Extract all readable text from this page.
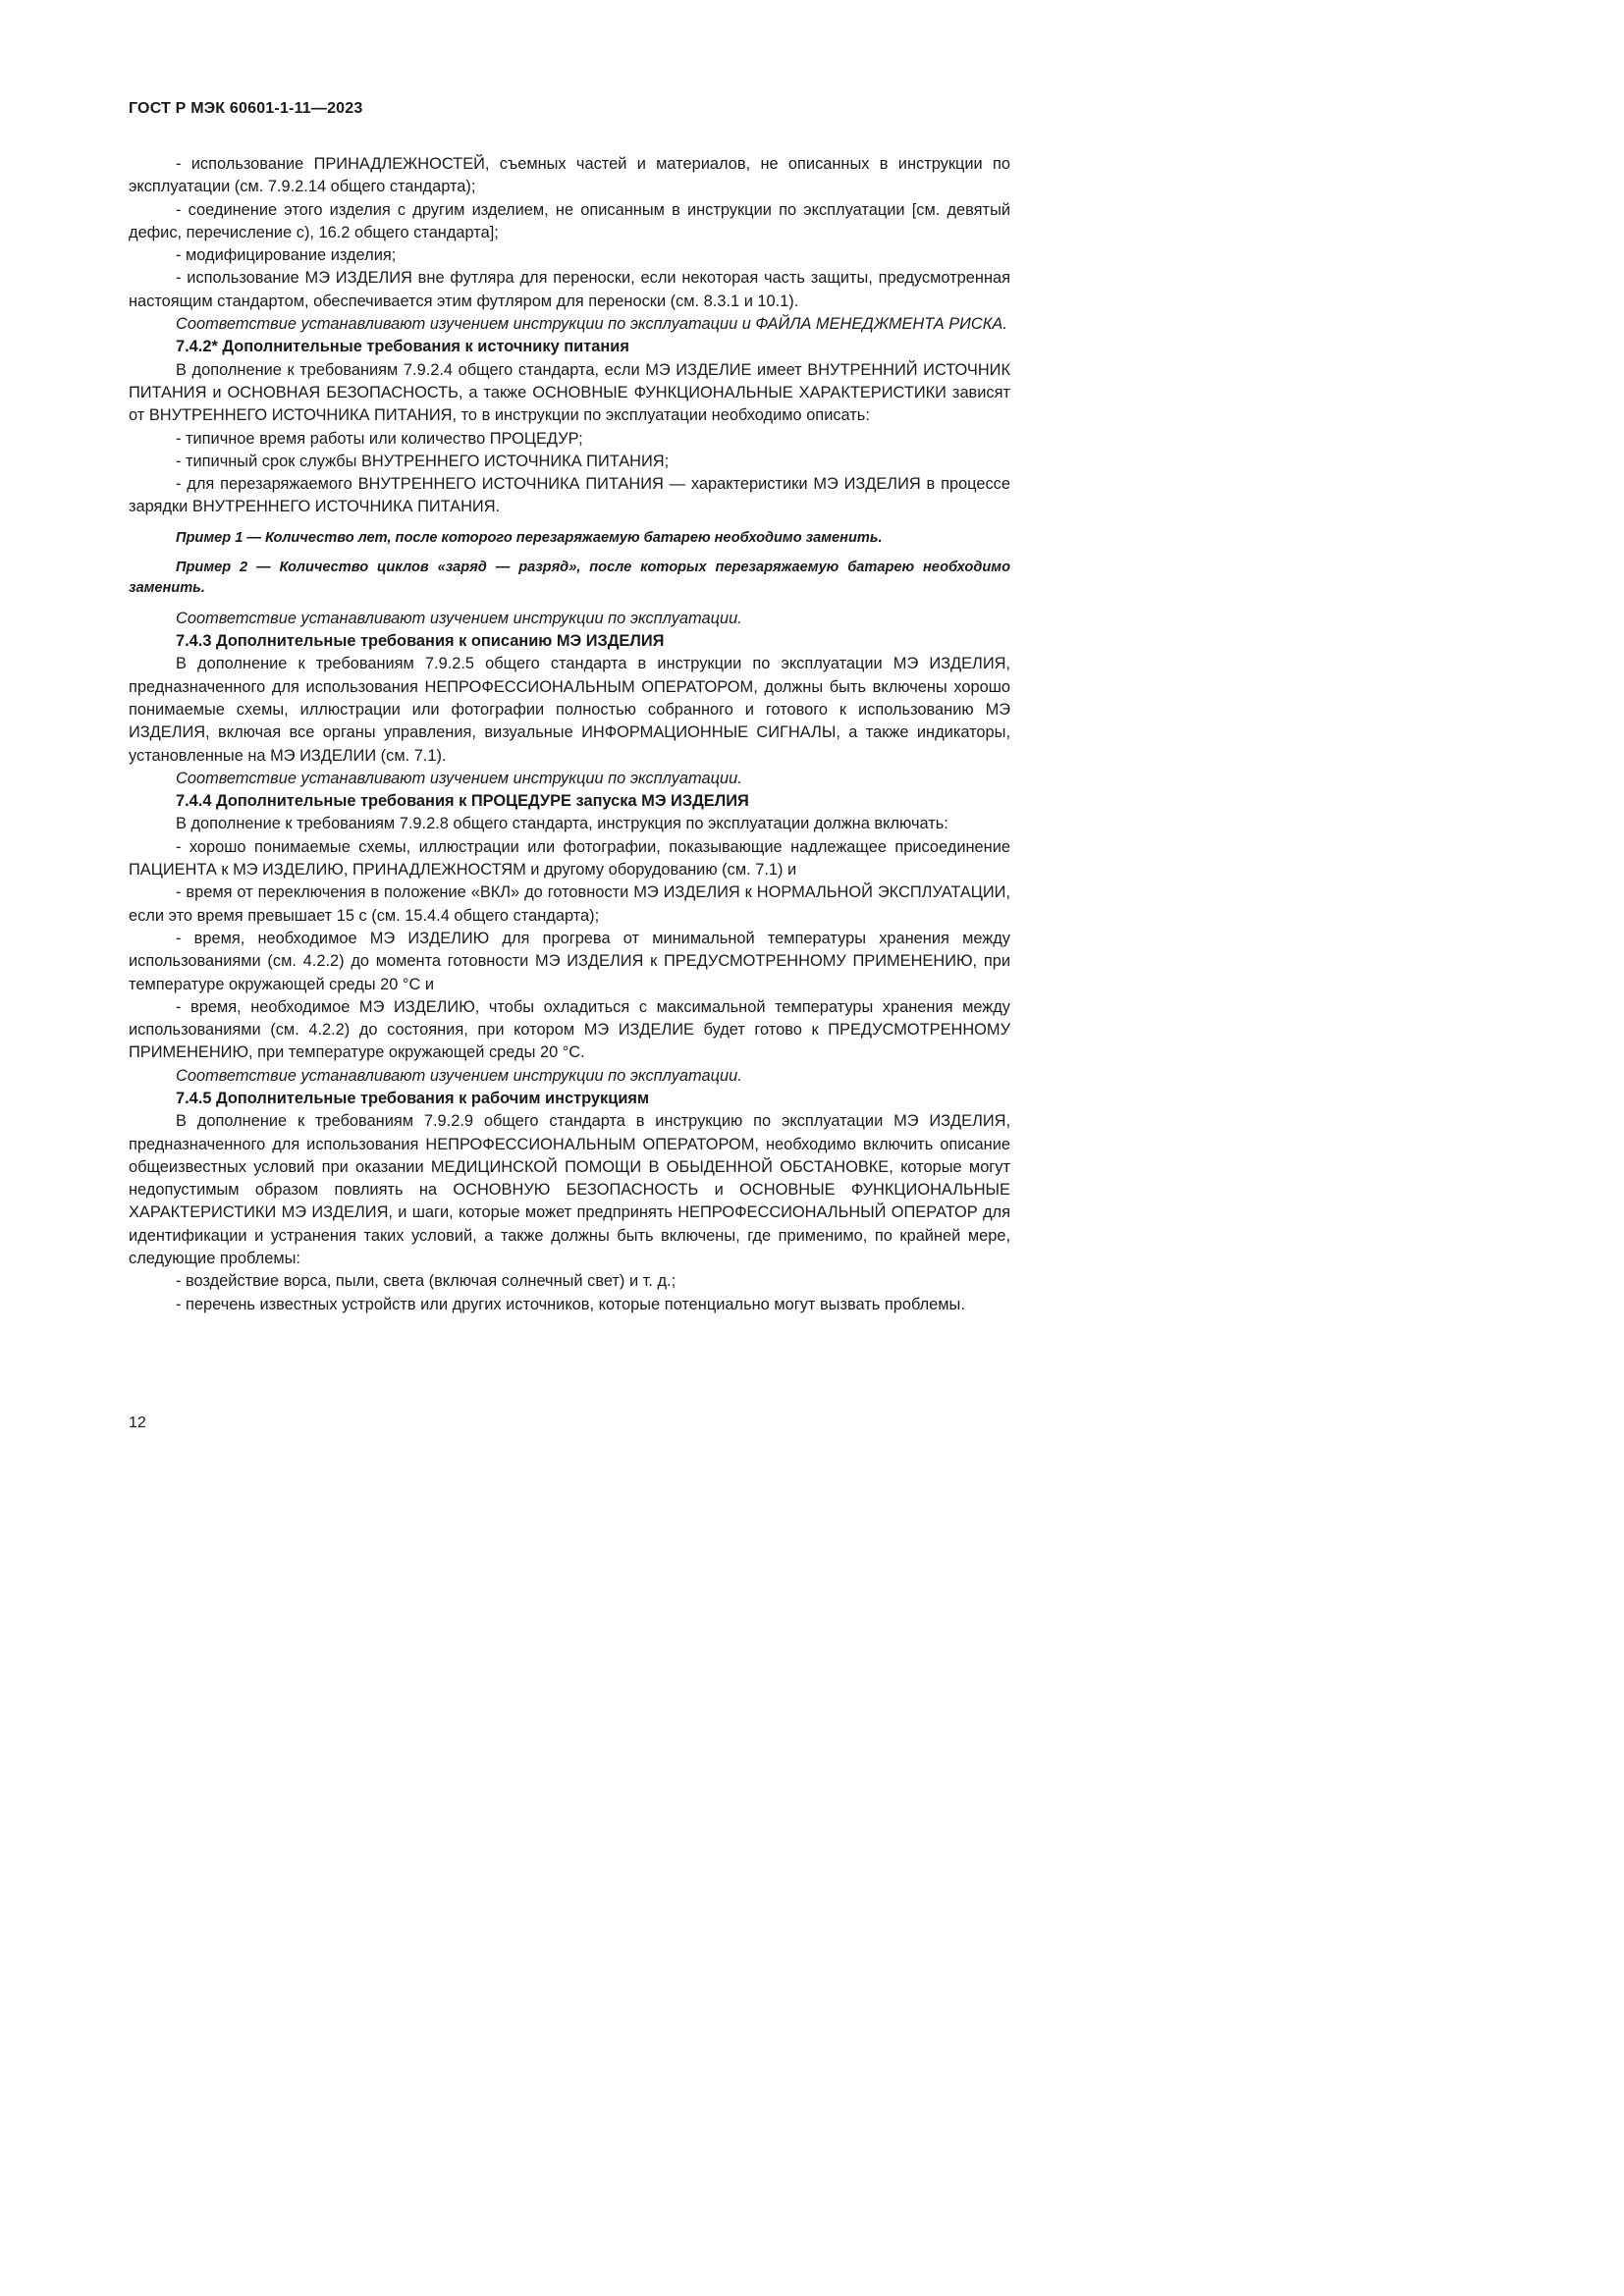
ГОСТ Р МЭК 60601-1-11—2023

- использование ПРИНАДЛЕЖНОСТЕЙ, съемных частей и материалов, не описанных в инструкции по эксплуатации (см. 7.9.2.14 общего стандарта);

- соединение этого изделия с другим изделием, не описанным в инструкции по эксплуатации [см. девятый дефис, перечисление с), 16.2 общего стандарта];

- модифицирование изделия;

- использование МЭ ИЗДЕЛИЯ вне футляра для переноски, если некоторая часть защиты, предусмотренная настоящим стандартом, обеспечивается этим футляром для переноски (см. 8.3.1 и 10.1).

Соответствие устанавливают изучением инструкции по эксплуатации и ФАЙЛА МЕНЕДЖМЕНТА РИСКА.

7.4.2* Дополнительные требования к источнику питания

В дополнение к требованиям 7.9.2.4 общего стандарта, если МЭ ИЗДЕЛИЕ имеет ВНУТРЕННИЙ ИСТОЧНИК ПИТАНИЯ и ОСНОВНАЯ БЕЗОПАСНОСТЬ, а также ОСНОВНЫЕ ФУНКЦИОНАЛЬНЫЕ ХАРАКТЕРИСТИКИ зависят от ВНУТРЕННЕГО ИСТОЧНИКА ПИТАНИЯ, то в инструкции по эксплуатации необходимо описать:

- типичное время работы или количество ПРОЦЕДУР;

- типичный срок службы ВНУТРЕННЕГО ИСТОЧНИКА ПИТАНИЯ;

- для перезаряжаемого ВНУТРЕННЕГО ИСТОЧНИКА ПИТАНИЯ — характеристики МЭ ИЗДЕЛИЯ в процессе зарядки ВНУТРЕННЕГО ИСТОЧНИКА ПИТАНИЯ.

Пример 1 — Количество лет, после которого перезаряжаемую батарею необходимо заменить.

Пример 2 — Количество циклов «заряд — разряд», после которых перезаряжаемую батарею необходимо заменить.

Соответствие устанавливают изучением инструкции по эксплуатации.

7.4.3 Дополнительные требования к описанию МЭ ИЗДЕЛИЯ

В дополнение к требованиям 7.9.2.5 общего стандарта в инструкции по эксплуатации МЭ ИЗДЕЛИЯ, предназначенного для использования НЕПРОФЕССИОНАЛЬНЫМ ОПЕРАТОРОМ, должны быть включены хорошо понимаемые схемы, иллюстрации или фотографии полностью собранного и готового к использованию МЭ ИЗДЕЛИЯ, включая все органы управления, визуальные ИНФОРМАЦИОННЫЕ СИГНАЛЫ, а также индикаторы, установленные на МЭ ИЗДЕЛИИ (см. 7.1).

Соответствие устанавливают изучением инструкции по эксплуатации.

7.4.4 Дополнительные требования к ПРОЦЕДУРЕ запуска МЭ ИЗДЕЛИЯ

В дополнение к требованиям 7.9.2.8 общего стандарта, инструкция по эксплуатации должна включать:

- хорошо понимаемые схемы, иллюстрации или фотографии, показывающие надлежащее присоединение ПАЦИЕНТА к МЭ ИЗДЕЛИЮ, ПРИНАДЛЕЖНОСТЯМ и другому оборудованию (см. 7.1) и

- время от переключения в положение «ВКЛ» до готовности МЭ ИЗДЕЛИЯ к НОРМАЛЬНОЙ ЭКСПЛУАТАЦИИ, если это время превышает 15 с (см. 15.4.4 общего стандарта);

- время, необходимое МЭ ИЗДЕЛИЮ для прогрева от минимальной температуры хранения между использованиями (см. 4.2.2) до момента готовности МЭ ИЗДЕЛИЯ к ПРЕДУСМОТРЕННОМУ ПРИМЕНЕНИЮ, при температуре окружающей среды 20 °С и

- время, необходимое МЭ ИЗДЕЛИЮ, чтобы охладиться с максимальной температуры хранения между использованиями (см. 4.2.2) до состояния, при котором МЭ ИЗДЕЛИЕ будет готово к ПРЕДУСМОТРЕННОМУ ПРИМЕНЕНИЮ, при температуре окружающей среды 20 °С.

Соответствие устанавливают изучением инструкции по эксплуатации.

7.4.5 Дополнительные требования к рабочим инструкциям

В дополнение к требованиям 7.9.2.9 общего стандарта в инструкцию по эксплуатации МЭ ИЗДЕЛИЯ, предназначенного для использования НЕПРОФЕССИОНАЛЬНЫМ ОПЕРАТОРОМ, необходимо включить описание общеизвестных условий при оказании МЕДИЦИНСКОЙ ПОМОЩИ В ОБЫДЕННОЙ ОБСТАНОВКЕ, которые могут недопустимым образом повлиять на ОСНОВНУЮ БЕЗОПАСНОСТЬ и ОСНОВНЫЕ ФУНКЦИОНАЛЬНЫЕ ХАРАКТЕРИСТИКИ МЭ ИЗДЕЛИЯ, и шаги, которые может предпринять НЕПРОФЕССИОНАЛЬНЫЙ ОПЕРАТОР для идентификации и устранения таких условий, а также должны быть включены, где применимо, по крайней мере, следующие проблемы:

- воздействие ворса, пыли, света (включая солнечный свет) и т. д.;

- перечень известных устройств или других источников, которые потенциально могут вызвать проблемы.

12
